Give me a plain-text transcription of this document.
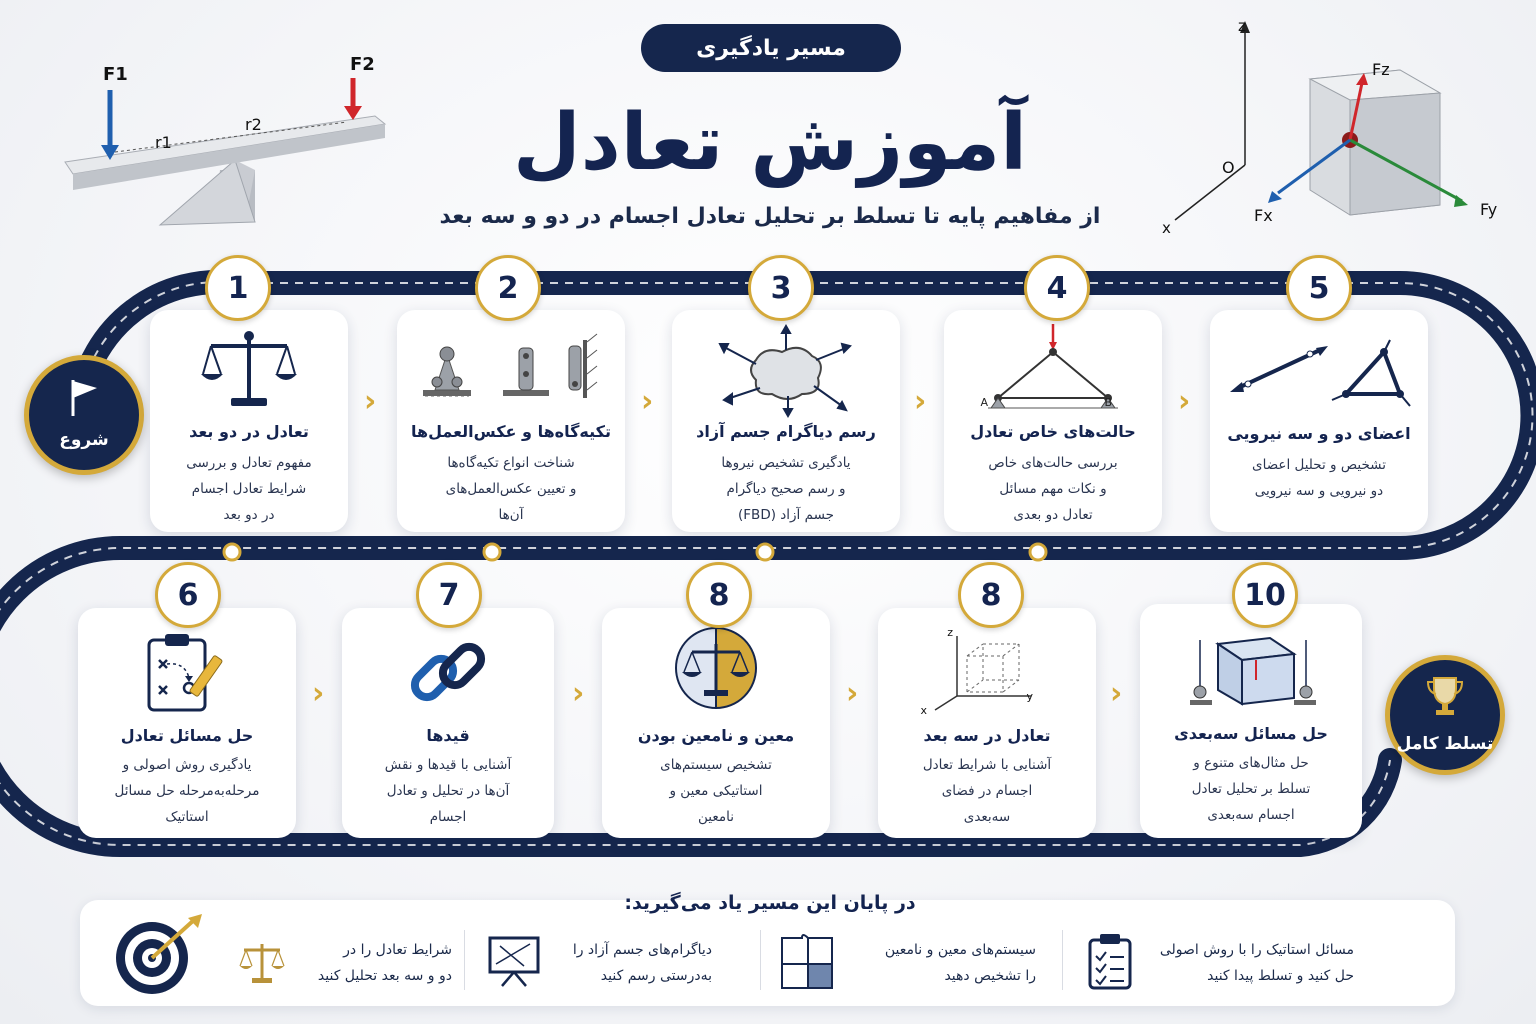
مسیر یادگیری
آموزش تعادل
از مفاهیم پایه تا تسلط بر تحلیل تعادل اجسام در دو و سه بعد
F1	F2
r1
r2
z
x
O
Fz
Fy
Fx
شروع
تسلط کامل
تعادل در دو بعد
مفهوم تعادل و بررسی
شرایط تعادل اجسام
در دو بعد
تکیه‌گاه‌ها و عکس‌العمل‌ها
شناخت انواع تکیه‌گاه‌ها
و تعیین عکس‌العمل‌های
آن‌ها
رسم دیاگرام جسم آزاد
یادگیری تشخیص نیروها
و رسم صحیح دیاگرام
جسم آزاد (FBD)
A	B
حالت‌های خاص تعادل
بررسی حالت‌های خاص
و نکات مهم مسائل
تعادل دو بعدی
اعضای دو و سه نیرویی
تشخیص و تحلیل اعضای
دو نیرویی و سه نیرویی
1	2	3	4	5
›	›	›	›
حل مسائل تعادل
یادگیری روش اصولی و
مرحله‌به‌مرحله حل مسائل
استاتیک
قیدها
آشنایی با قیدها و نقش
آن‌ها در تحلیل و تعادل
اجسام
معین و نامعین بودن
تشخیص سیستم‌های
استاتیکی معین و
نامعین
z
y
x
تعادل در سه بعد
آشنایی با شرایط تعادل
اجسام در فضای
سه‌بعدی
حل مسائل سه‌بعدی
حل مثال‌های متنوع و
تسلط بر تحلیل تعادل
اجسام سه‌بعدی
6	7	8	8	10
›	›	›	›
در پایان این مسیر یاد می‌گیرید:
شرایط تعادل را در
دو و سه بعد تحلیل کنید
دیاگرام‌های جسم آزاد را
به‌درستی رسم کنید
سیستم‌های معین و نامعین
را تشخیص دهید
مسائل استاتیک را با روش اصولی
حل کنید و تسلط پیدا کنید
